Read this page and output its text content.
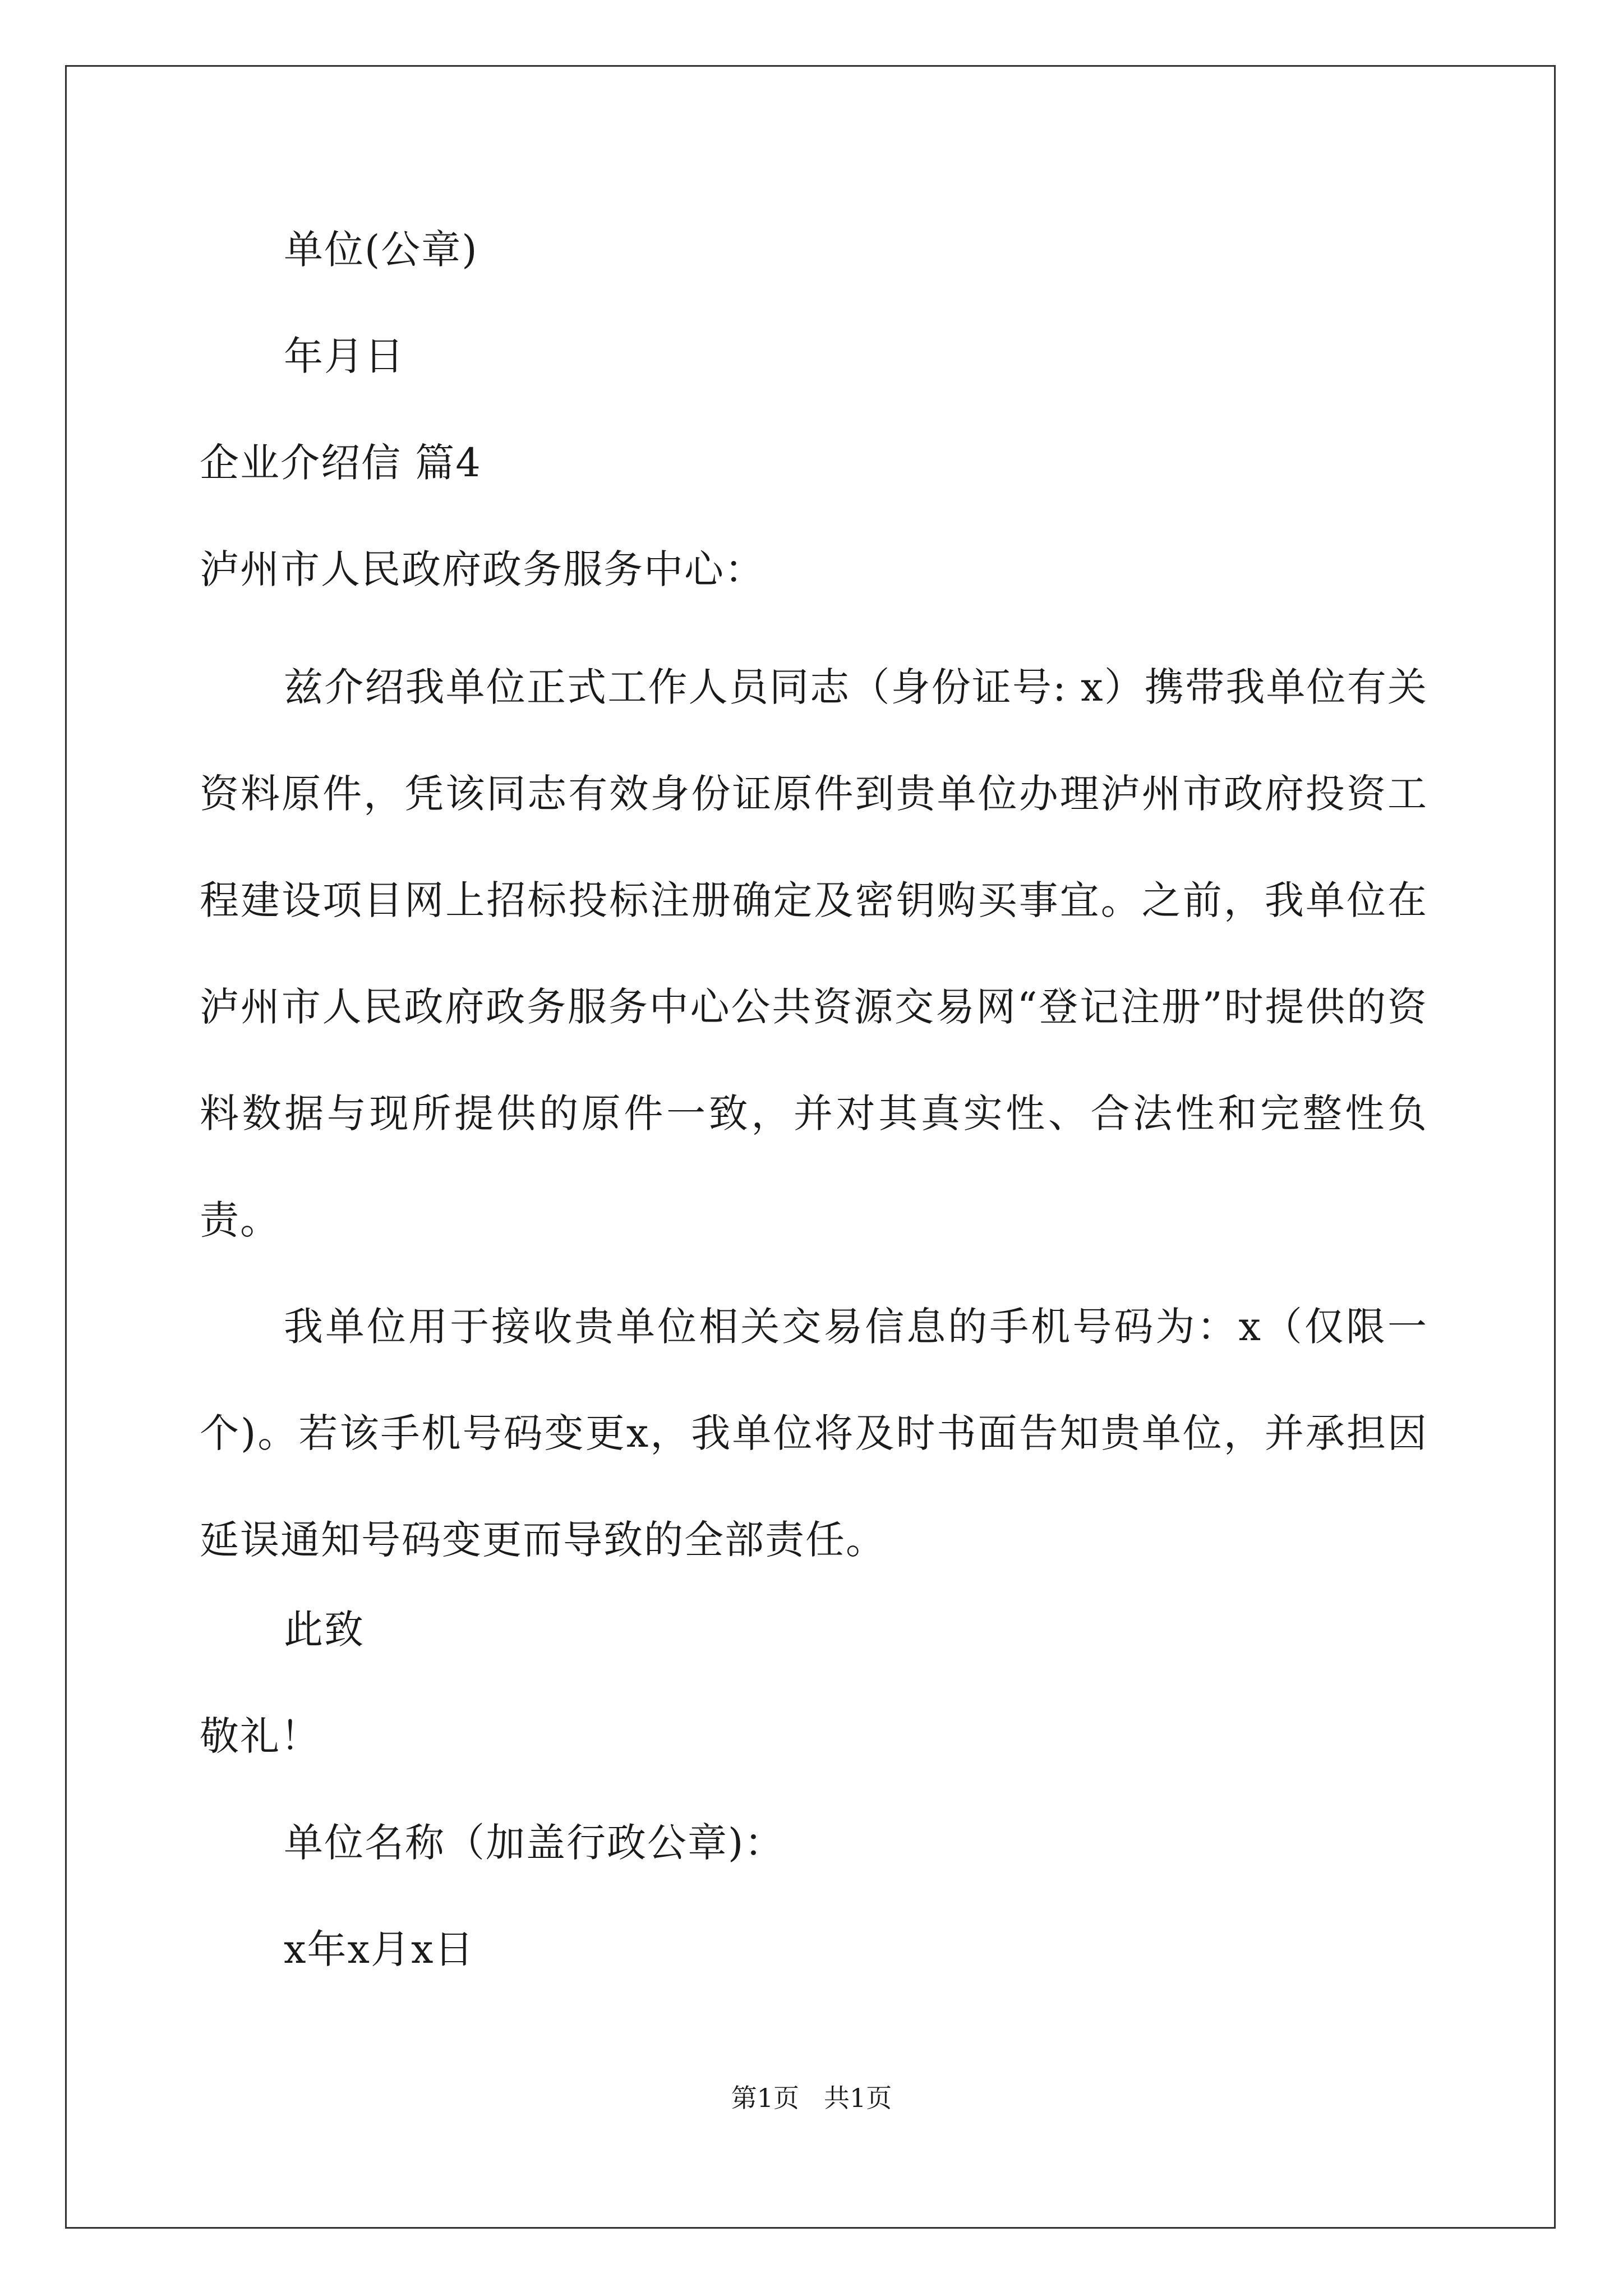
单位(公章)
年月日
企业介绍信 篇4
泸州市人民政府政务服务中心：
兹介绍我单位正式工作人员同志（身份证号: x）携带我单位有关资料原件，凭该同志有效身份证原件到贵单位办理泸州市政府投资工程建设项目网上招标投标注册确定及密钥购买事宜。之前，我单位在泸州市人民政府政务服务中心公共资源交易网“登记注册”时提供的资料数据与现所提供的原件一致，并对其真实性、合法性和完整性负责。
我单位用于接收贵单位相关交易信息的手机号码为：x（仅限一个)。若该手机号码变更x，我单位将及时书面告知贵单位，并承担因延误通知号码变更而导致的全部责任。
此致
敬礼！
单位名称（加盖行政公章)：
x年x月x日
第1页 共1页
